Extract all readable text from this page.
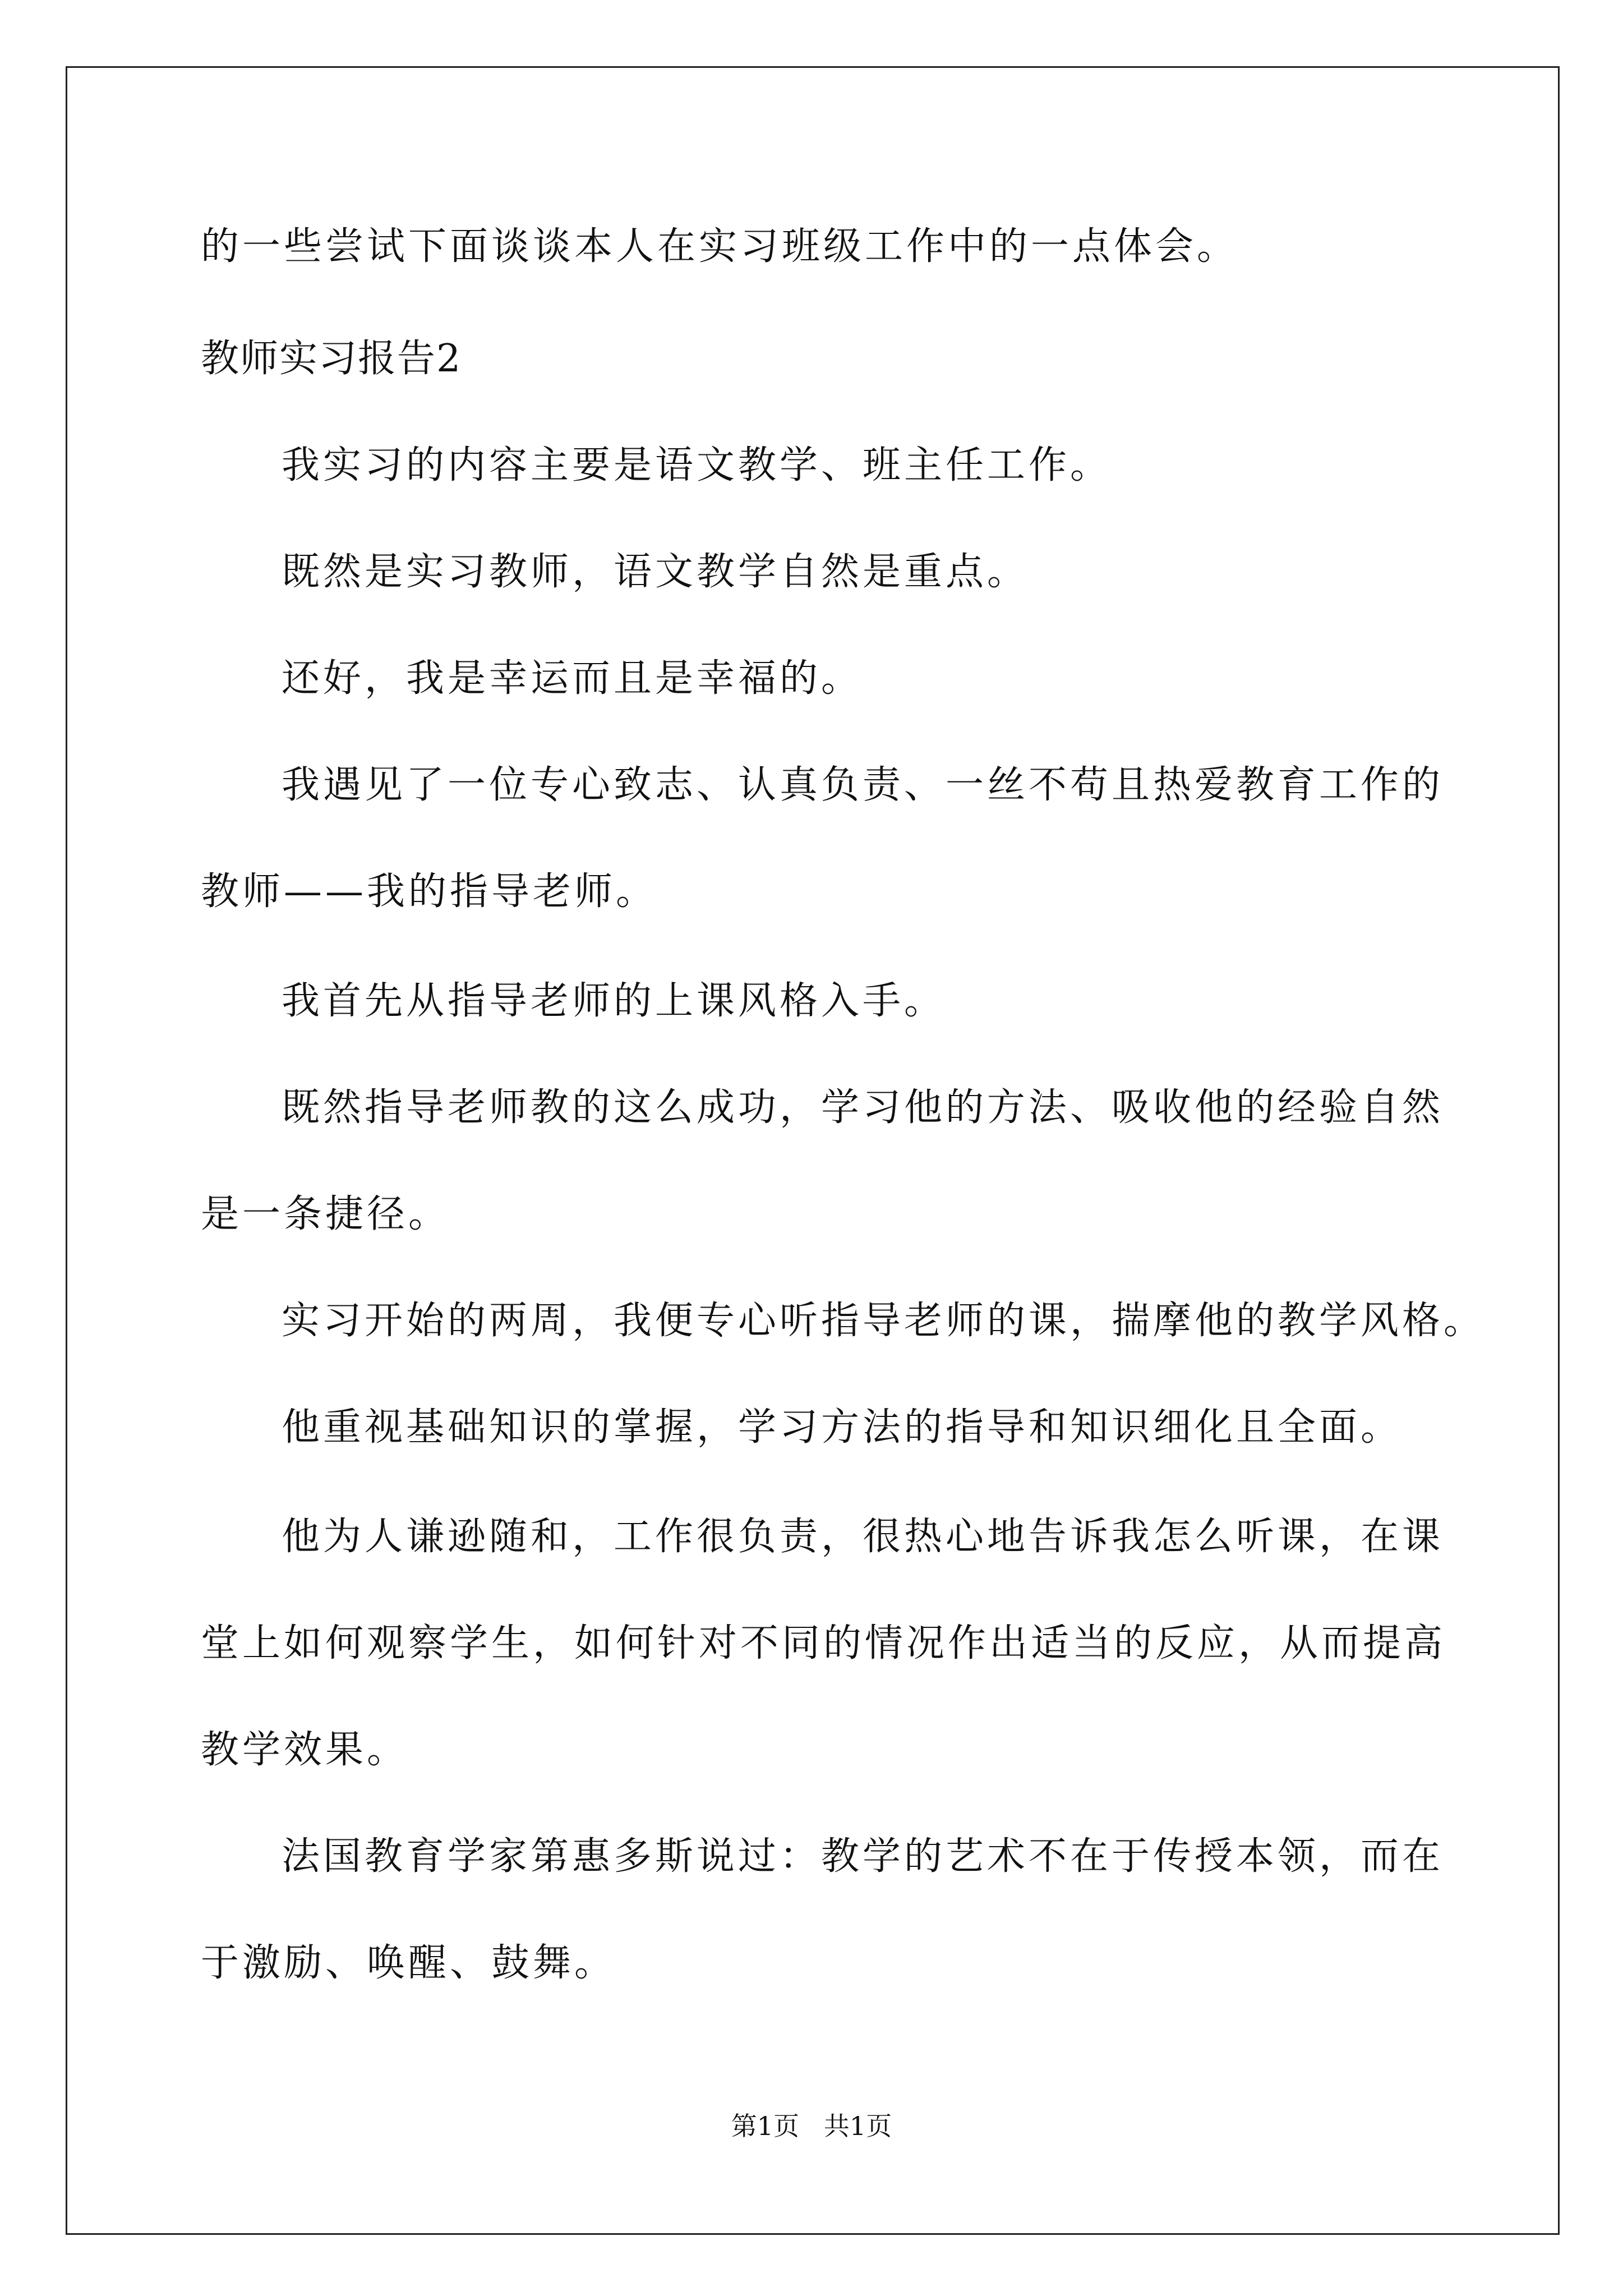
的一些尝试下面谈谈本人在实习班级工作中的一点体会。
教师实习报告2
我实习的内容主要是语文教学、班主任工作。
既然是实习教师，语文教学自然是重点。
还好，我是幸运而且是幸福的。
我遇见了一位专心致志、认真负责、一丝不苟且热爱教育工作的
教师——我的指导老师。
我首先从指导老师的上课风格入手。
既然指导老师教的这么成功，学习他的方法、吸收他的经验自然
是一条捷径。
实习开始的两周，我便专心听指导老师的课，揣摩他的教学风格。
他重视基础知识的掌握，学习方法的指导和知识细化且全面。
他为人谦逊随和，工作很负责，很热心地告诉我怎么听课，在课
堂上如何观察学生，如何针对不同的情况作出适当的反应，从而提高
教学效果。
法国教育学家第惠多斯说过：教学的艺术不在于传授本领，而在
于激励、唤醒、鼓舞。
第1页   共1页
